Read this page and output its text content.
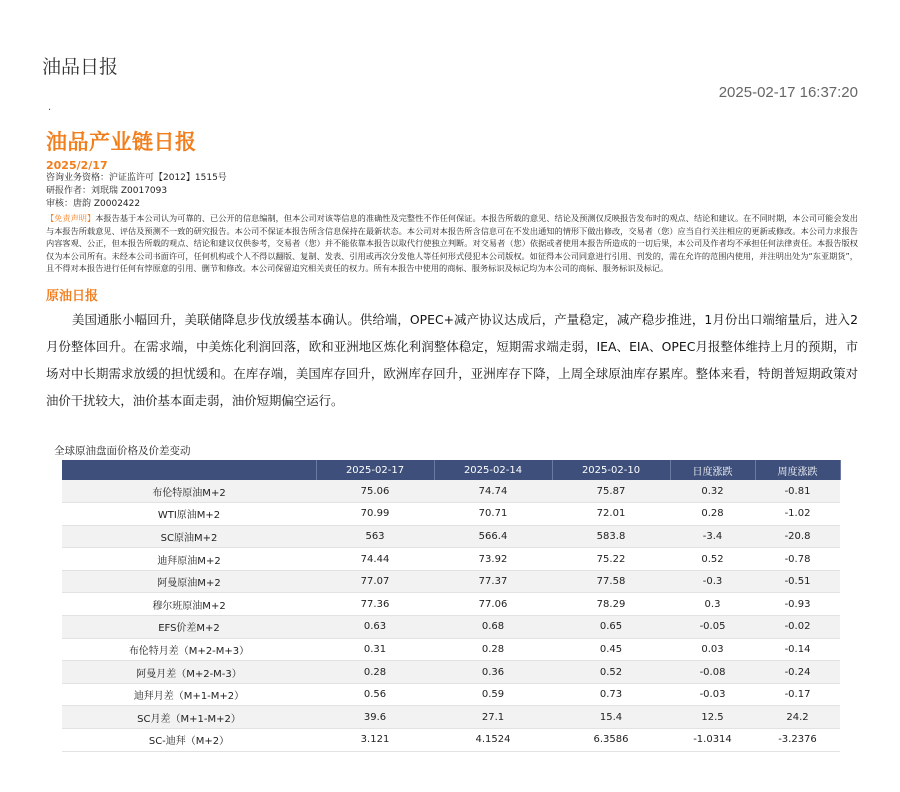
油品日报
2025-02-17 16:37:20
.
油品产业链日报
2025/2/17
咨询业务资格：沪证监许可【2012】1515号
研报作者：刘珉瑞 Z0017093
审核：唐韵 Z0002422
【免责声明】本报告基于本公司认为可靠的、已公开的信息编制，但本公司对该等信息的准确性及完整性不作任何保证。本报告所载的意见、结论及预测仅反映报告发布时的观点、结论和建议。在不同时期，本公司可能会发出与本报告所载意见、评估及预测不一致的研究报告。本公司不保证本报告所含信息保持在最新状态。本公司对本报告所含信息可在不发出通知的情形下做出修改，交易者（您）应当自行关注相应的更新或修改。本公司力求报告内容客观、公正，但本报告所载的观点、结论和建议仅供参考，交易者（您）并不能依靠本报告以取代行使独立判断。对交易者（您）依据或者使用本报告所造成的一切后果，本公司及作者均不承担任何法律责任。本报告版权仅为本公司所有。未经本公司书面许可，任何机构或个人不得以翻版、复制、发表、引用或再次分发他人等任何形式侵犯本公司版权。如征得本公司同意进行引用、刊发的，需在允许的范围内使用，并注明出处为“东亚期货”，且不得对本报告进行任何有悖原意的引用、删节和修改。本公司保留追究相关责任的权力。所有本报告中使用的商标、服务标识及标记均为本公司的商标、服务标识及标记。
原油日报
美国通胀小幅回升，美联储降息步伐放缓基本确认。供给端，OPEC+减产协议达成后，产量稳定，减产稳步推进，1月份出口端缩量后，进入2月份整体回升。在需求端，中美炼化利润回落，欧和亚洲地区炼化利润整体稳定，短期需求端走弱，IEA、EIA、OPEC月报整体维持上月的预期，市场对中长期需求放缓的担忧缓和。在库存端，美国库存回升，欧洲库存回升，亚洲库存下降，上周全球原油库存累库。整体来看，特朗普短期政策对油价干扰较大，油价基本面走弱，油价短期偏空运行。
全球原油盘面价格及价差变动
	2025-02-17	2025-02-14	2025-02-10	日度涨跌	周度涨跌
布伦特原油M+2	75.06	74.74	75.87	0.32	-0.81
WTI原油M+2	70.99	70.71	72.01	0.28	-1.02
SC原油M+2	563	566.4	583.8	-3.4	-20.8
迪拜原油M+2	74.44	73.92	75.22	0.52	-0.78
阿曼原油M+2	77.07	77.37	77.58	-0.3	-0.51
穆尔班原油M+2	77.36	77.06	78.29	0.3	-0.93
EFS价差M+2	0.63	0.68	0.65	-0.05	-0.02
布伦特月差（M+2-M+3）	0.31	0.28	0.45	0.03	-0.14
阿曼月差（M+2-M-3）	0.28	0.36	0.52	-0.08	-0.24
迪拜月差（M+1-M+2）	0.56	0.59	0.73	-0.03	-0.17
SC月差（M+1-M+2）	39.6	27.1	15.4	12.5	24.2
SC-迪拜（M+2）	3.121	4.1524	6.3586	-1.0314	-3.2376
